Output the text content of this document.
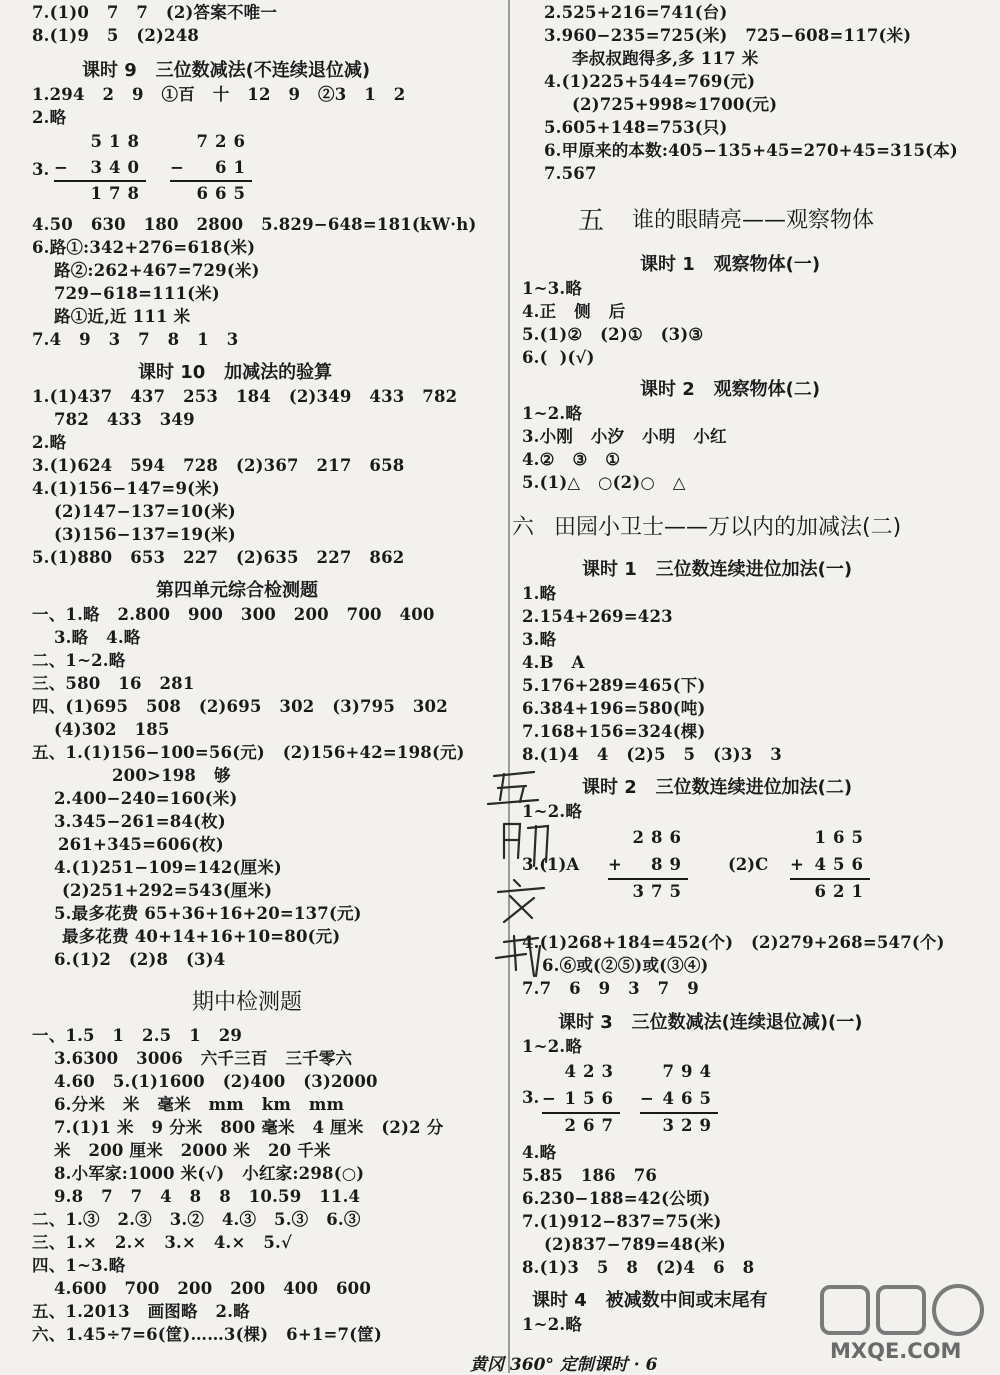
7.(1)0   7   7   (2)答案不唯一
8.(1)9   5   (2)248
课时 9   三位数减法(不连续退位减)
1.294   2   9   ①百   十   12   9   ②3   1   2
2.略
3.
518
− 340
178
726
− 61
665
4.50   630   180   2800   5.829−648=181(kW·h)
6.路①:342+276=618(米)
路②:262+467=729(米)
729−618=111(米)
路①近,近 111 米
7.4   9   3   7   8   1   3
课时 10   加减法的验算
1.(1)437   437   253   184   (2)349   433   782
782   433   349
2.略
3.(1)624   594   728   (2)367   217   658
4.(1)156−147=9(米)
(2)147−137=10(米)
(3)156−137=19(米)
5.(1)880   653   227   (2)635   227   862
第四单元综合检测题
一、1.略   2.800   900   300   200   700   400
3.略   4.略
二、1~2.略
三、580   16   281
四、(1)695   508   (2)695   302   (3)795   302
(4)302   185
五、1.(1)156−100=56(元)   (2)156+42=198(元)
200>198   够
2.400−240=160(米)
3.345−261=84(枚)
261+345=606(枚)
4.(1)251−109=142(厘米)
(2)251+292=543(厘米)
5.最多花费 65+36+16+20=137(元)
最多花费 40+14+16+10=80(元)
6.(1)2   (2)8   (3)4
期中检测题
一、1.5   1   2.5   1   29
3.6300   3006   六千三百   三千零六
4.60   5.(1)1600   (2)400   (3)2000
6.分米   米   毫米   mm   km   mm
7.(1)1 米   9 分米   800 毫米   4 厘米   (2)2 分
米   200 厘米   2000 米   20 千米
8.小军家:1000 米(√)   小红家:298(○)
9.8   7   7   4   8   8   10.59   11.4
二、1.③   2.③   3.②   4.③   5.③   6.③
三、1.×   2.×   3.×   4.×   5.√
四、1~3.略
4.600   700   200   200   400   600
五、1.2013   画图略   2.略
六、1.45÷7=6(筐)……3(棵)   6+1=7(筐)
2.525+216=741(台)
3.960−235=725(米)   725−608=117(米)
李叔叔跑得多,多 117 米
4.(1)225+544=769(元)
(2)725+998≈1700(元)
5.605+148=753(只)
6.甲原来的本数:405−135+45=270+45=315(本)
7.567
五 谁的眼睛亮——观察物体
课时 1   观察物体(一)
1~3.略
4.正   侧   后
5.(1)②   (2)①   (3)③
6.(  )(√)
课时 2   观察物体(二)
1~2.略
3.小刚   小汐   小明   小红
4.②   ③   ①
5.(1)△   ○(2)○   △
六 田园小卫士——万以内的加减法(二)
课时 1   三位数连续进位加法(一)
1.略
2.154+269=423
3.略
4.B   A
5.176+289=465(下)
6.384+196=580(吨)
7.168+156=324(棵)
8.(1)4   4   (2)5   5   (3)3   3
课时 2   三位数连续进位加法(二)
1~2.略
3.(1)A
286
+ 89
375
(2)C
165
+ 456
621
4.(1)268+184=452(个)   (2)279+268=547(个)
6.⑥或(②⑤)或(③④)
7.7   6   9   3   7   9
课时 3   三位数减法(连续退位减)(一)
1~2.略
3.
423
− 156
267
794
− 465
329
4.略
5.85   186   76
6.230−188=42(公顷)
7.(1)912−837=75(米)
(2)837−789=48(米)
8.(1)3   5   8   (2)4   6   8
课时 4   被减数中间或末尾有
1~2.略
互助交流
黄冈 360° 定制课时 · 6
MXQE.COM
